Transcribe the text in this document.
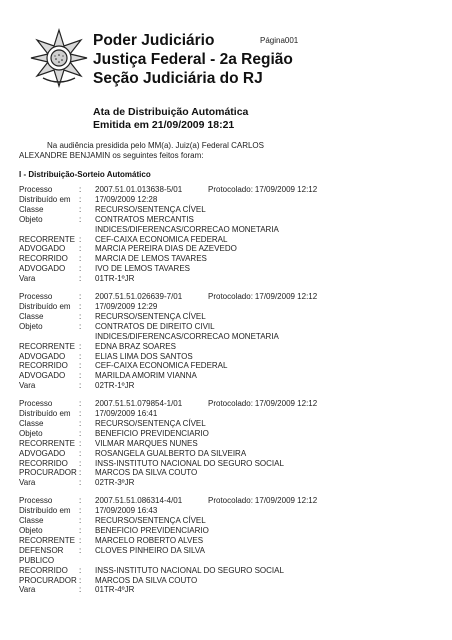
Poder Judiciário
Justiça Federal - 2a Região
Seção Judiciária do RJ
Página001
Ata de Distribuição Automática
Emitida em 21/09/2009 18:21
Na audiência presidida pelo MM(a). Juiz(a) Federal CARLOS
ALEXANDRE BENJAMIN os seguintes feitos foram:
I - Distribuição-Sorteio Automático
Processo	:	2007.51.01.013638-5/01	Protocolado: 17/09/2009 12:12
Distribuído em	:	17/09/2009 12:28
Classe	:	RECURSO/SENTENÇA CÍVEL
Objeto	:	CONTRATOS MERCANTIS
INDICES/DIFERENCAS/CORRECAO MONETARIA
RECORRENTE :	CEF-CAIXA ECONOMICA FEDERAL
ADVOGADO	:	MARCIA PEREIRA DIAS DE AZEVEDO
RECORRIDO	:	MARCIA DE LEMOS TAVARES
ADVOGADO	:	IVO DE LEMOS TAVARES
Vara	:	01TR-1ºJR
Processo	:	2007.51.51.026639-7/01	Protocolado: 17/09/2009 12:12
Distribuído em	:	17/09/2009 12:29
Classe	:	RECURSO/SENTENÇA CÍVEL
Objeto	:	CONTRATOS DE DIREITO CIVIL
INDICES/DIFERENCAS/CORRECAO MONETARIA
RECORRENTE :	EDNA BRAZ SOARES
ADVOGADO	:	ELIAS LIMA DOS SANTOS
RECORRIDO	:	CEF-CAIXA ECONOMICA FEDERAL
ADVOGADO	:	MARILDA AMORIM VIANNA
Vara	:	02TR-1ºJR
Processo	:	2007.51.51.079854-1/01	Protocolado: 17/09/2009 12:12
Distribuído em	:	17/09/2009 16:41
Classe	:	RECURSO/SENTENÇA CÍVEL
Objeto	:	BENEFICIO PREVIDENCIARIO
RECORRENTE :	VILMAR MARQUES NUNES
ADVOGADO	:	ROSANGELA GUALBERTO DA SILVEIRA
RECORRIDO	:	INSS-INSTITUTO NACIONAL DO SEGURO SOCIAL
PROCURADOR :	MARCOS DA SILVA COUTO
Vara	:	02TR-3ºJR
Processo	:	2007.51.51.086314-4/01	Protocolado: 17/09/2009 12:12
Distribuído em	:	17/09/2009 16:43
Classe	:	RECURSO/SENTENÇA CÍVEL
Objeto	:	BENEFICIO PREVIDENCIARIO
RECORRENTE :	MARCELO ROBERTO ALVES
DEFENSOR	:	CLOVES PINHEIRO DA SILVA
PUBLICO
RECORRIDO	:	INSS-INSTITUTO NACIONAL DO SEGURO SOCIAL
PROCURADOR :	MARCOS DA SILVA COUTO
Vara	:	01TR-4ºJR
